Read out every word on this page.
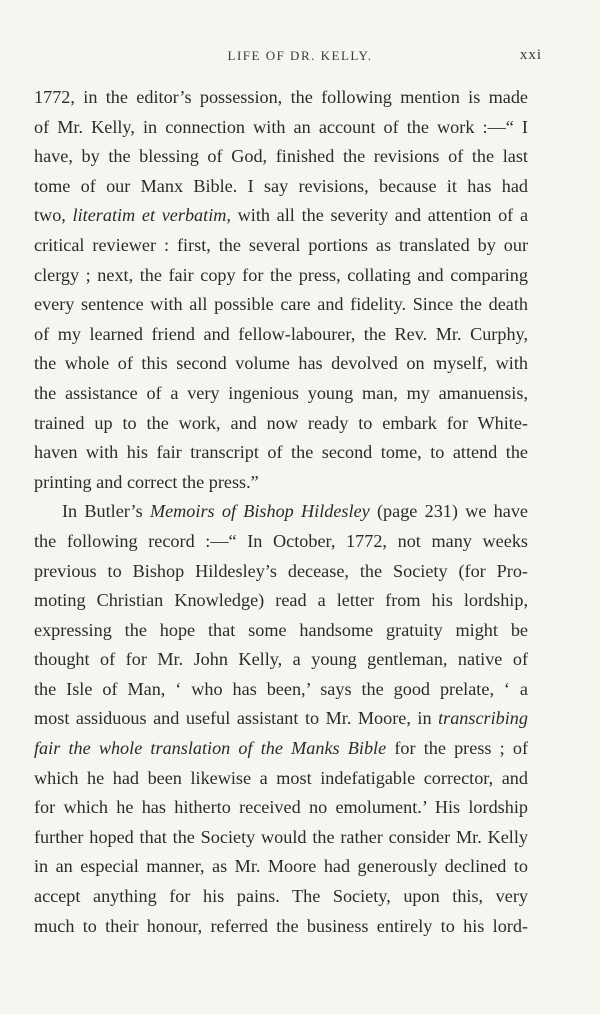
LIFE OF DR. KELLY.	xxi
1772, in the editor’s possession, the following mention is made
of Mr. Kelly, in connection with an account of the work :—“ I
have, by the blessing of God, finished the revisions of the last
tome of our Manx Bible. I say revisions, because it has had
two, literatim et verbatim, with all the severity and attention of a
critical reviewer : first, the several portions as translated by our
clergy ; next, the fair copy for the press, collating and comparing
every sentence with all possible care and fidelity. Since the death
of my learned friend and fellow-labourer, the Rev. Mr. Curphy,
the whole of this second volume has devolved on myself, with
the assistance of a very ingenious young man, my amanuensis,
trained up to the work, and now ready to embark for White-
haven with his fair transcript of the second tome, to attend the
printing and correct the press.”
In Butler’s Memoirs of Bishop Hildesley (page 231) we have
the following record :—“ In October, 1772, not many weeks
previous to Bishop Hildesley’s decease, the Society (for Pro-
moting Christian Knowledge) read a letter from his lordship,
expressing the hope that some handsome gratuity might be
thought of for Mr. John Kelly, a young gentleman, native of
the Isle of Man, ‘ who has been,’ says the good prelate, ‘ a
most assiduous and useful assistant to Mr. Moore, in transcribing
fair the whole translation of the Manks Bible for the press ; of
which he had been likewise a most indefatigable corrector, and
for which he has hitherto received no emolument.’ His lordship
further hoped that the Society would the rather consider Mr. Kelly
in an especial manner, as Mr. Moore had generously declined to
accept anything for his pains. The Society, upon this, very
much to their honour, referred the business entirely to his lord-
